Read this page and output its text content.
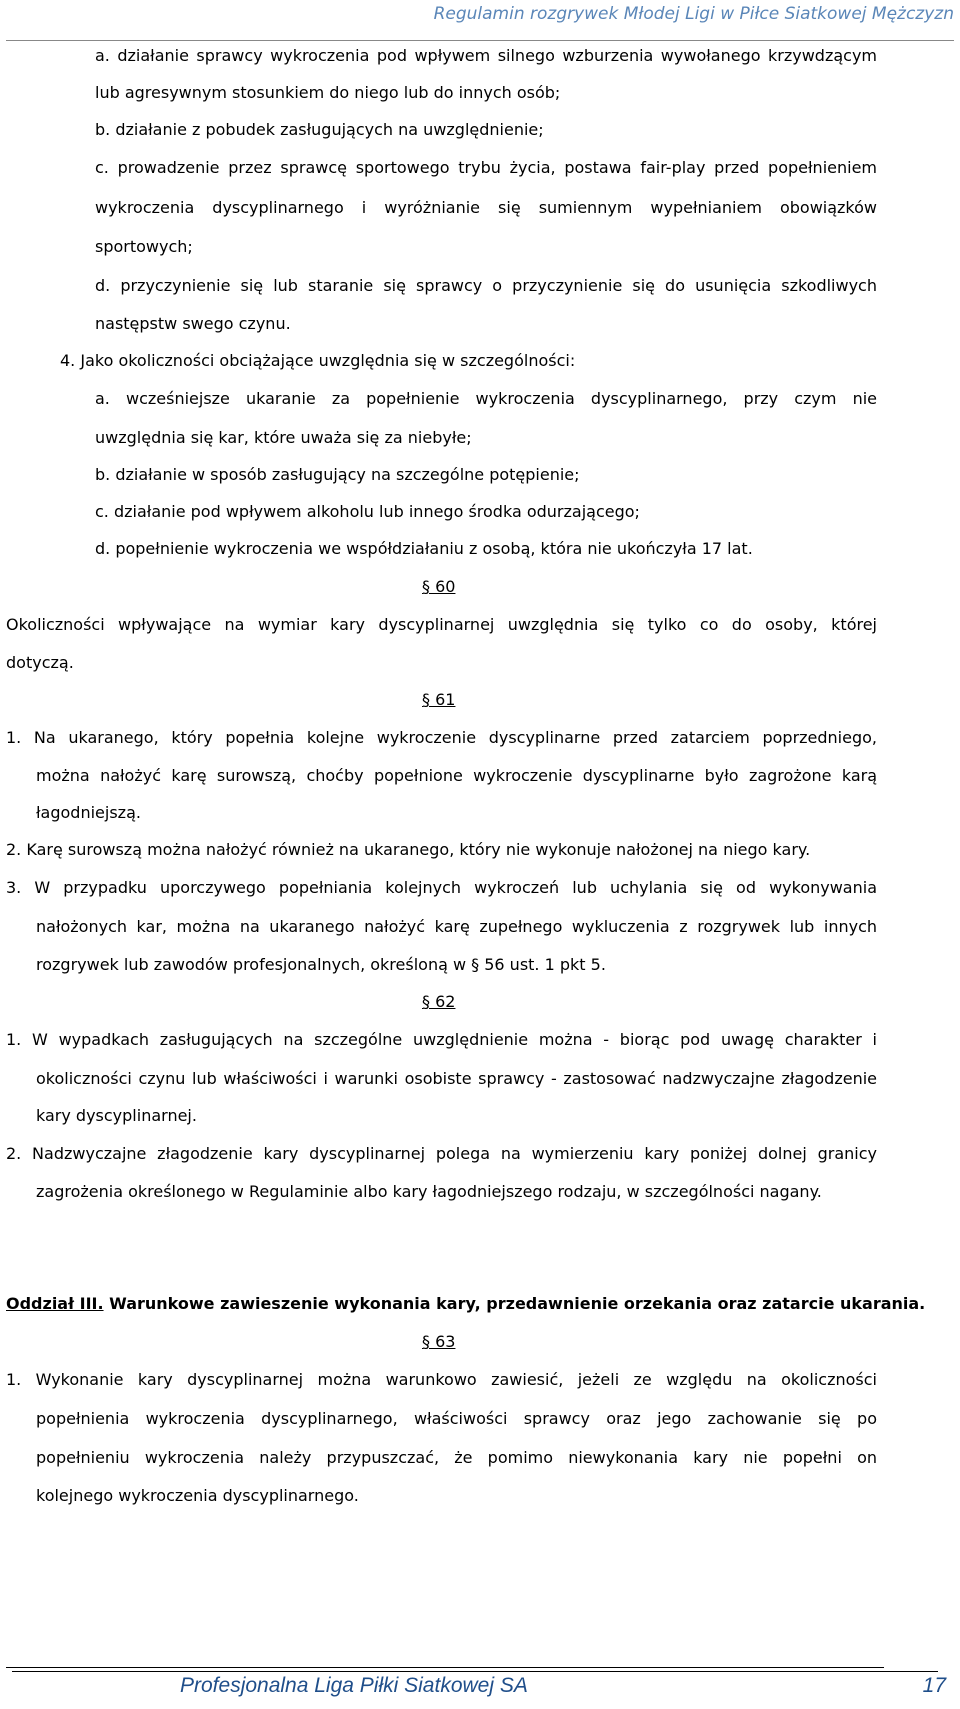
Regulamin rozgrywek Młodej Ligi w Piłce Siatkowej Mężczyzn
a. działanie sprawcy wykroczenia pod wpływem silnego wzburzenia wywołanego krzywdzącym
lub agresywnym stosunkiem do niego lub do innych osób;
b. działanie z pobudek zasługujących na uwzględnienie;
c. prowadzenie przez sprawcę sportowego trybu życia, postawa fair-play przed popełnieniem
wykroczenia dyscyplinarnego i wyróżnianie się sumiennym wypełnianiem obowiązków
sportowych;
d. przyczynienie się lub staranie się sprawcy o przyczynienie się do usunięcia szkodliwych
następstw swego czynu.
4. Jako okoliczności obciążające uwzględnia się w szczególności:
a. wcześniejsze ukaranie za popełnienie wykroczenia dyscyplinarnego, przy czym nie
uwzględnia się kar, które uważa się za niebyłe;
b. działanie w sposób zasługujący na szczególne potępienie;
c. działanie pod wpływem alkoholu lub innego środka odurzającego;
d. popełnienie wykroczenia we współdziałaniu z osobą, która nie ukończyła 17 lat.
§ 60
Okoliczności wpływające na wymiar kary dyscyplinarnej uwzględnia się tylko co do osoby, której
dotyczą.
§ 61
1. Na ukaranego, który popełnia kolejne wykroczenie dyscyplinarne przed zatarciem poprzedniego,
można nałożyć karę surowszą, choćby popełnione wykroczenie dyscyplinarne było zagrożone karą
łagodniejszą.
2. Karę surowszą można nałożyć również na ukaranego, który nie wykonuje nałożonej na niego kary.
3. W przypadku uporczywego popełniania kolejnych wykroczeń lub uchylania się od wykonywania
nałożonych kar, można na ukaranego nałożyć karę zupełnego wykluczenia z rozgrywek lub innych
rozgrywek lub zawodów profesjonalnych, określoną w § 56 ust. 1 pkt 5.
§ 62
1. W wypadkach zasługujących na szczególne uwzględnienie można - biorąc pod uwagę charakter i
okoliczności czynu lub właściwości i warunki osobiste sprawcy - zastosować nadzwyczajne złagodzenie
kary dyscyplinarnej.
2. Nadzwyczajne złagodzenie kary dyscyplinarnej polega na wymierzeniu kary poniżej dolnej granicy
zagrożenia określonego w Regulaminie albo kary łagodniejszego rodzaju, w szczególności nagany.
Oddział III. Warunkowe zawieszenie wykonania kary, przedawnienie orzekania oraz zatarcie ukarania.
§ 63
1. Wykonanie kary dyscyplinarnej można warunkowo zawiesić, jeżeli ze względu na okoliczności
popełnienia wykroczenia dyscyplinarnego, właściwości sprawcy oraz jego zachowanie się po
popełnieniu wykroczenia należy przypuszczać, że pomimo niewykonania kary nie popełni on
kolejnego wykroczenia dyscyplinarnego.
Profesjonalna Liga Piłki Siatkowej SA	17
